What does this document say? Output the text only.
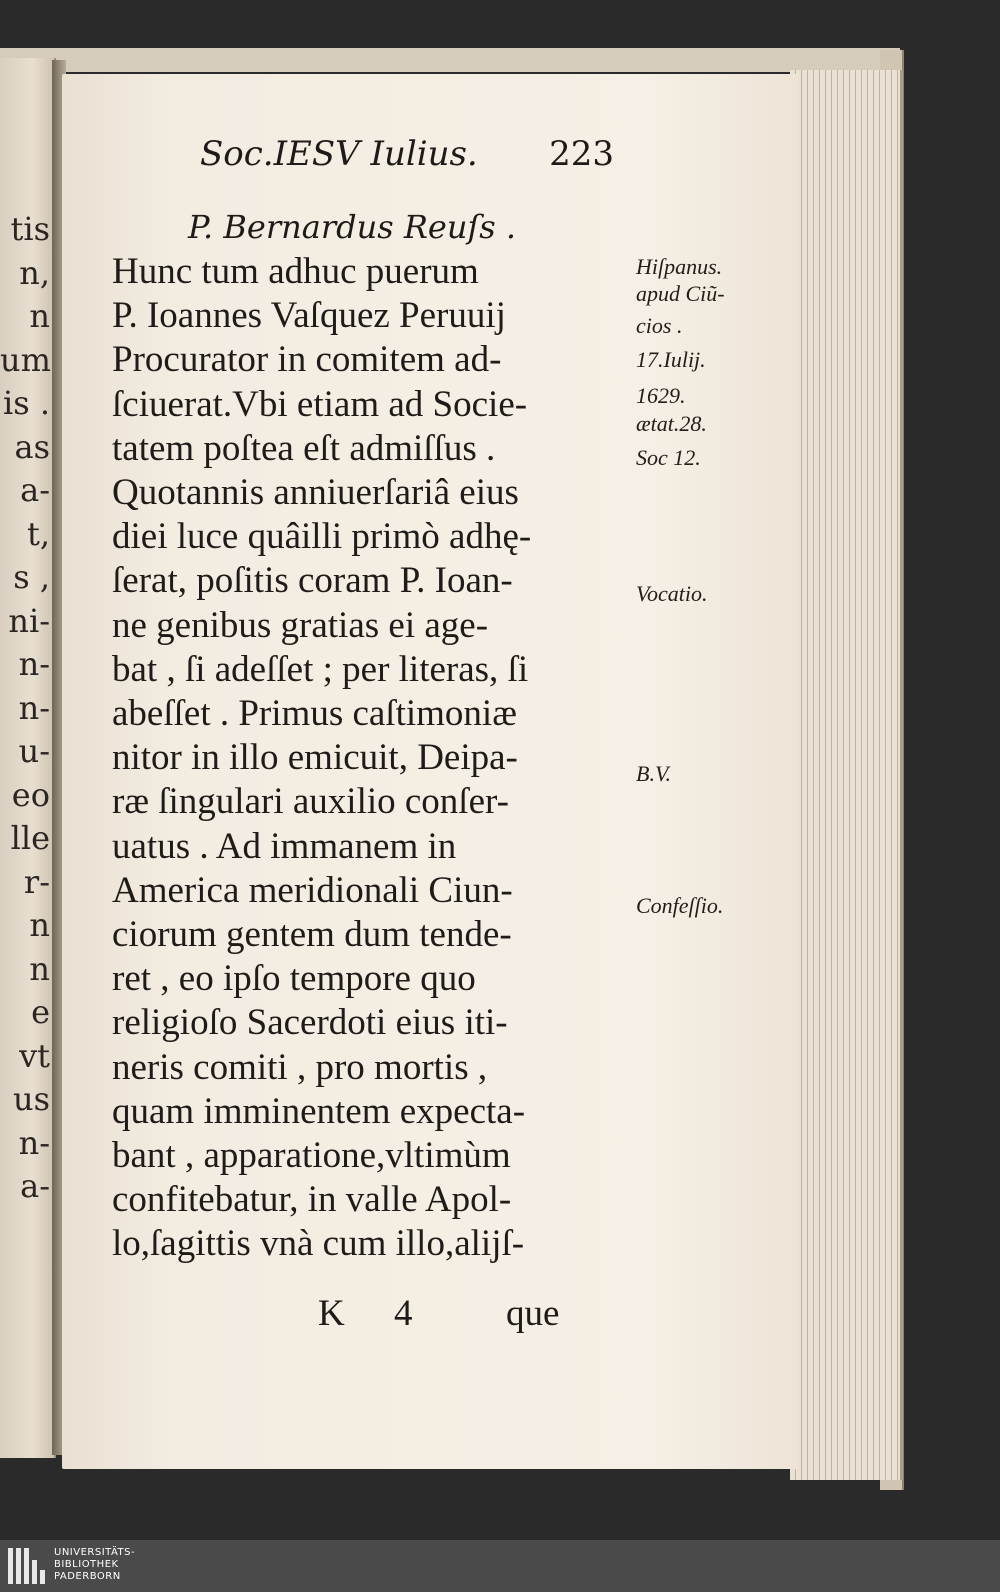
tis
n,
n
um
is .
as
a-
t,
s ,
ni-
n-
n-
u-
eo
lle
r-
n
n
e
vt
us
n-
a-
Soc.IESV Iulius. 223
P. Bernardus Reuſs .
Hunc tum adhuc puerum
P. Ioannes Vaſquez Peruuij
Procurator in comitem ad-
ſciuerat.Vbi etiam ad Socie-
tatem poſtea eſt admiſſus .
Quotannis anniuerſariâ eius
diei luce quâilli primò adhę-
ſerat, poſitis coram P. Ioan-
ne genibus gratias ei age-
bat , ſi adeſſet ; per literas, ſi
abeſſet . Primus caſtimoniæ
nitor in illo emicuit, Deipa-
ræ ſingulari auxilio conſer-
uatus . Ad immanem in
America meridionali Ciun-
ciorum gentem dum tende-
ret , eo ipſo tempore quo
religioſo Sacerdoti eius iti-
neris comiti , pro mortis ,
quam imminentem expecta-
bant , apparatione,vltimùm
confitebatur, in valle Apol-
lo,ſagittis vnà cum illo,alijſ-
Hiſpanus.
apud Ciũ-
cios .
17.Iulij.
1629.
ætat.28.
Soc 12.
Vocatio.
B.V.
Confeſſio.
K 4	que
UNIVERSITÄTS-
BIBLIOTHEK
PADERBORN
